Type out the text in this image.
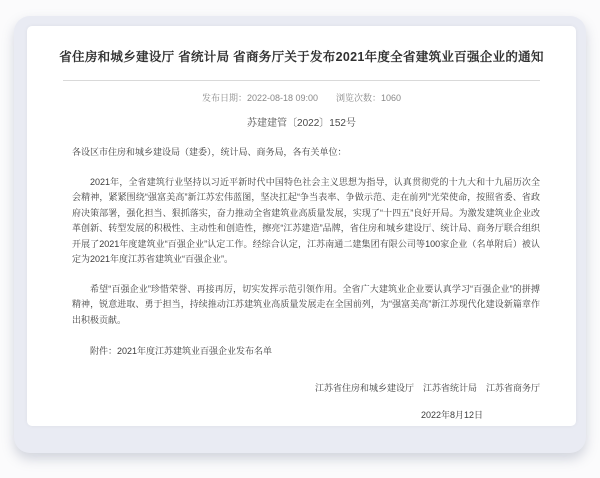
省住房和城乡建设厅 省统计局 省商务厅关于发布2021年度全省建筑业百强企业的通知
发布日期：2022-08-18 09:00 浏览次数：1060
苏建建管〔2022〕152号

各设区市住房和城乡建设局（建委），统计局、商务局，各有关单位：

2021年，全省建筑行业坚持以习近平新时代中国特色社会主义思想为指导，认真贯彻党的十九大和十九届历次全会精神，紧紧围绕“强富美高”新江苏宏伟蓝图，坚决扛起“争当表率、争做示范、走在前列”光荣使命，按照省委、省政府决策部署，强化担当、狠抓落实，奋力推动全省建筑业高质量发展，实现了“十四五”良好开局。为激发建筑业企业改革创新、转型发展的积极性、主动性和创造性，擦亮“江苏建造”品牌，省住房和城乡建设厅、统计局、商务厅联合组织开展了2021年度建筑业“百强企业”认定工作。经综合认定，江苏南通二建集团有限公司等100家企业（名单附后）被认定为2021年度江苏省建筑业“百强企业”。

希望“百强企业”珍惜荣誉、再接再厉，切实发挥示范引领作用。全省广大建筑业企业要认真学习“百强企业”的拼搏精神，锐意进取、勇于担当，持续推动江苏建筑业高质量发展走在全国前列，为“强富美高”新江苏现代化建设新篇章作出积极贡献。

附件：2021年度江苏建筑业百强企业发布名单

江苏省住房和城乡建设厅　江苏省统计局　江苏省商务厅
2022年8月12日
